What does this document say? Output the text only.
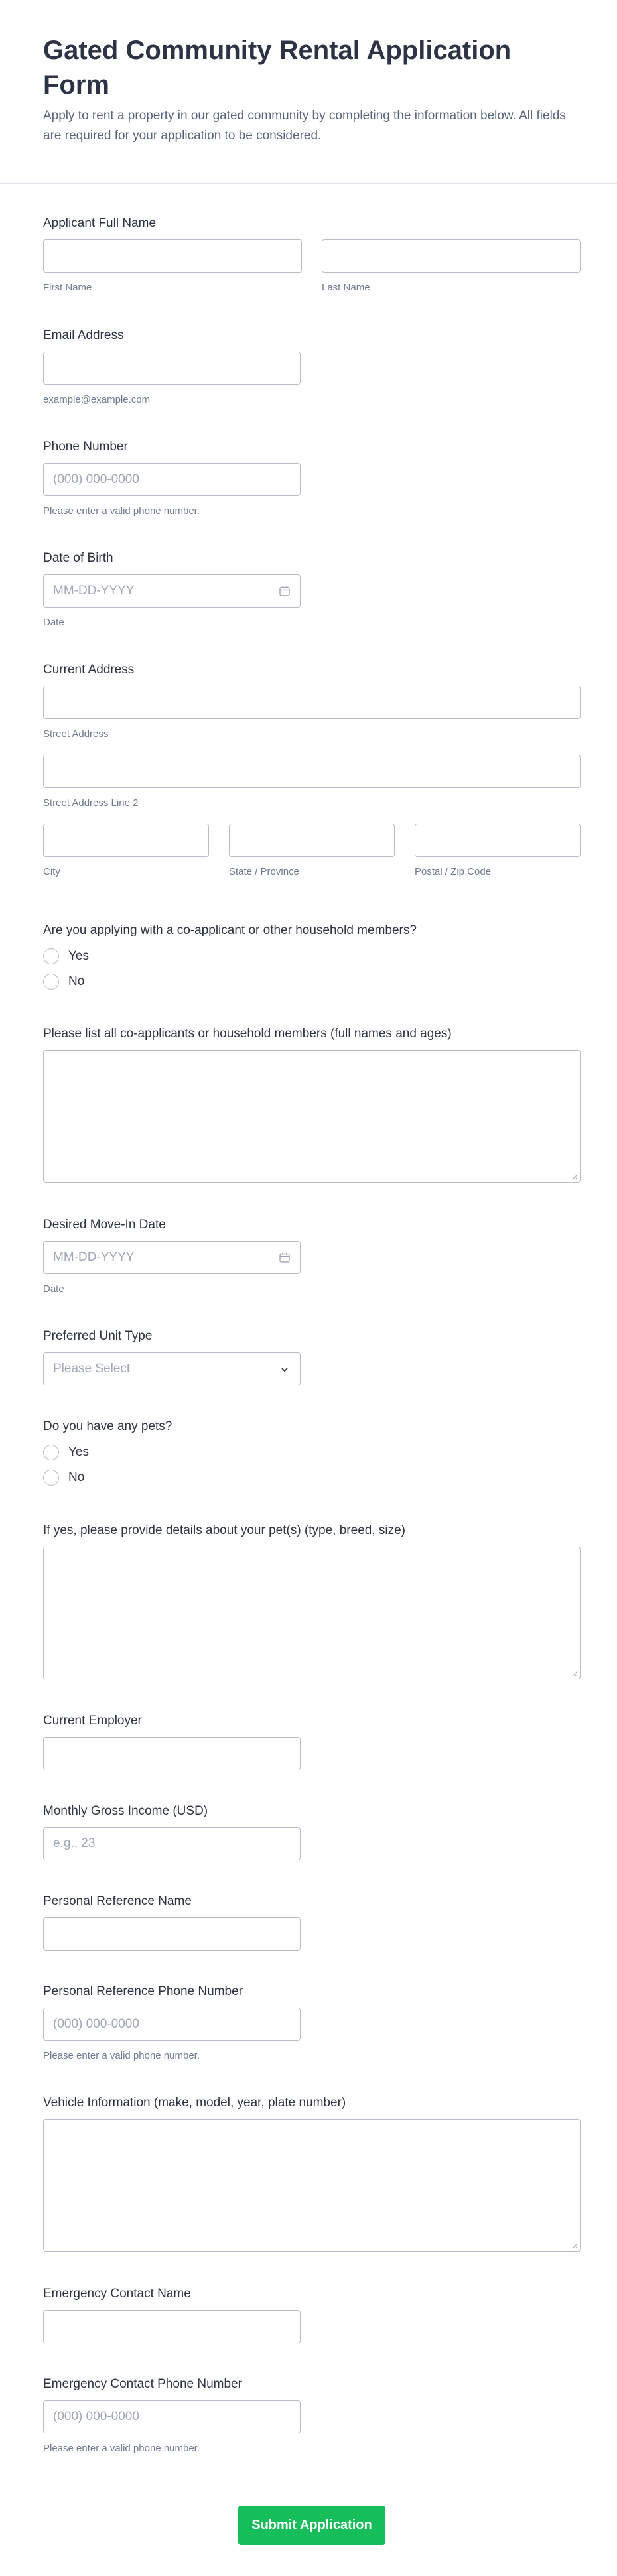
Gated Community Rental Application Form

Apply to rent a property in our gated community by completing the information below. All fields are required for your application to be considered.

Applicant Full Name
First Name	Last Name
Email Address
example@example.com
Phone Number
(000) 000-0000
Please enter a valid phone number.
Date of Birth
MM-DD-YYYY
Date
Current Address
Street Address
Street Address Line 2
City	State / Province	Postal / Zip Code
Are you applying with a co-applicant or other household members?
Yes
No
Please list all co-applicants or household members (full names and ages)
Desired Move-In Date
MM-DD-YYYY
Date
Preferred Unit Type
Please Select
Do you have any pets?
Yes
No
If yes, please provide details about your pet(s) (type, breed, size)
Current Employer
Monthly Gross Income (USD)
e.g., 23
Personal Reference Name
Personal Reference Phone Number
(000) 000-0000
Please enter a valid phone number.
Vehicle Information (make, model, year, plate number)
Emergency Contact Name
Emergency Contact Phone Number
(000) 000-0000
Please enter a valid phone number.
Submit Application
